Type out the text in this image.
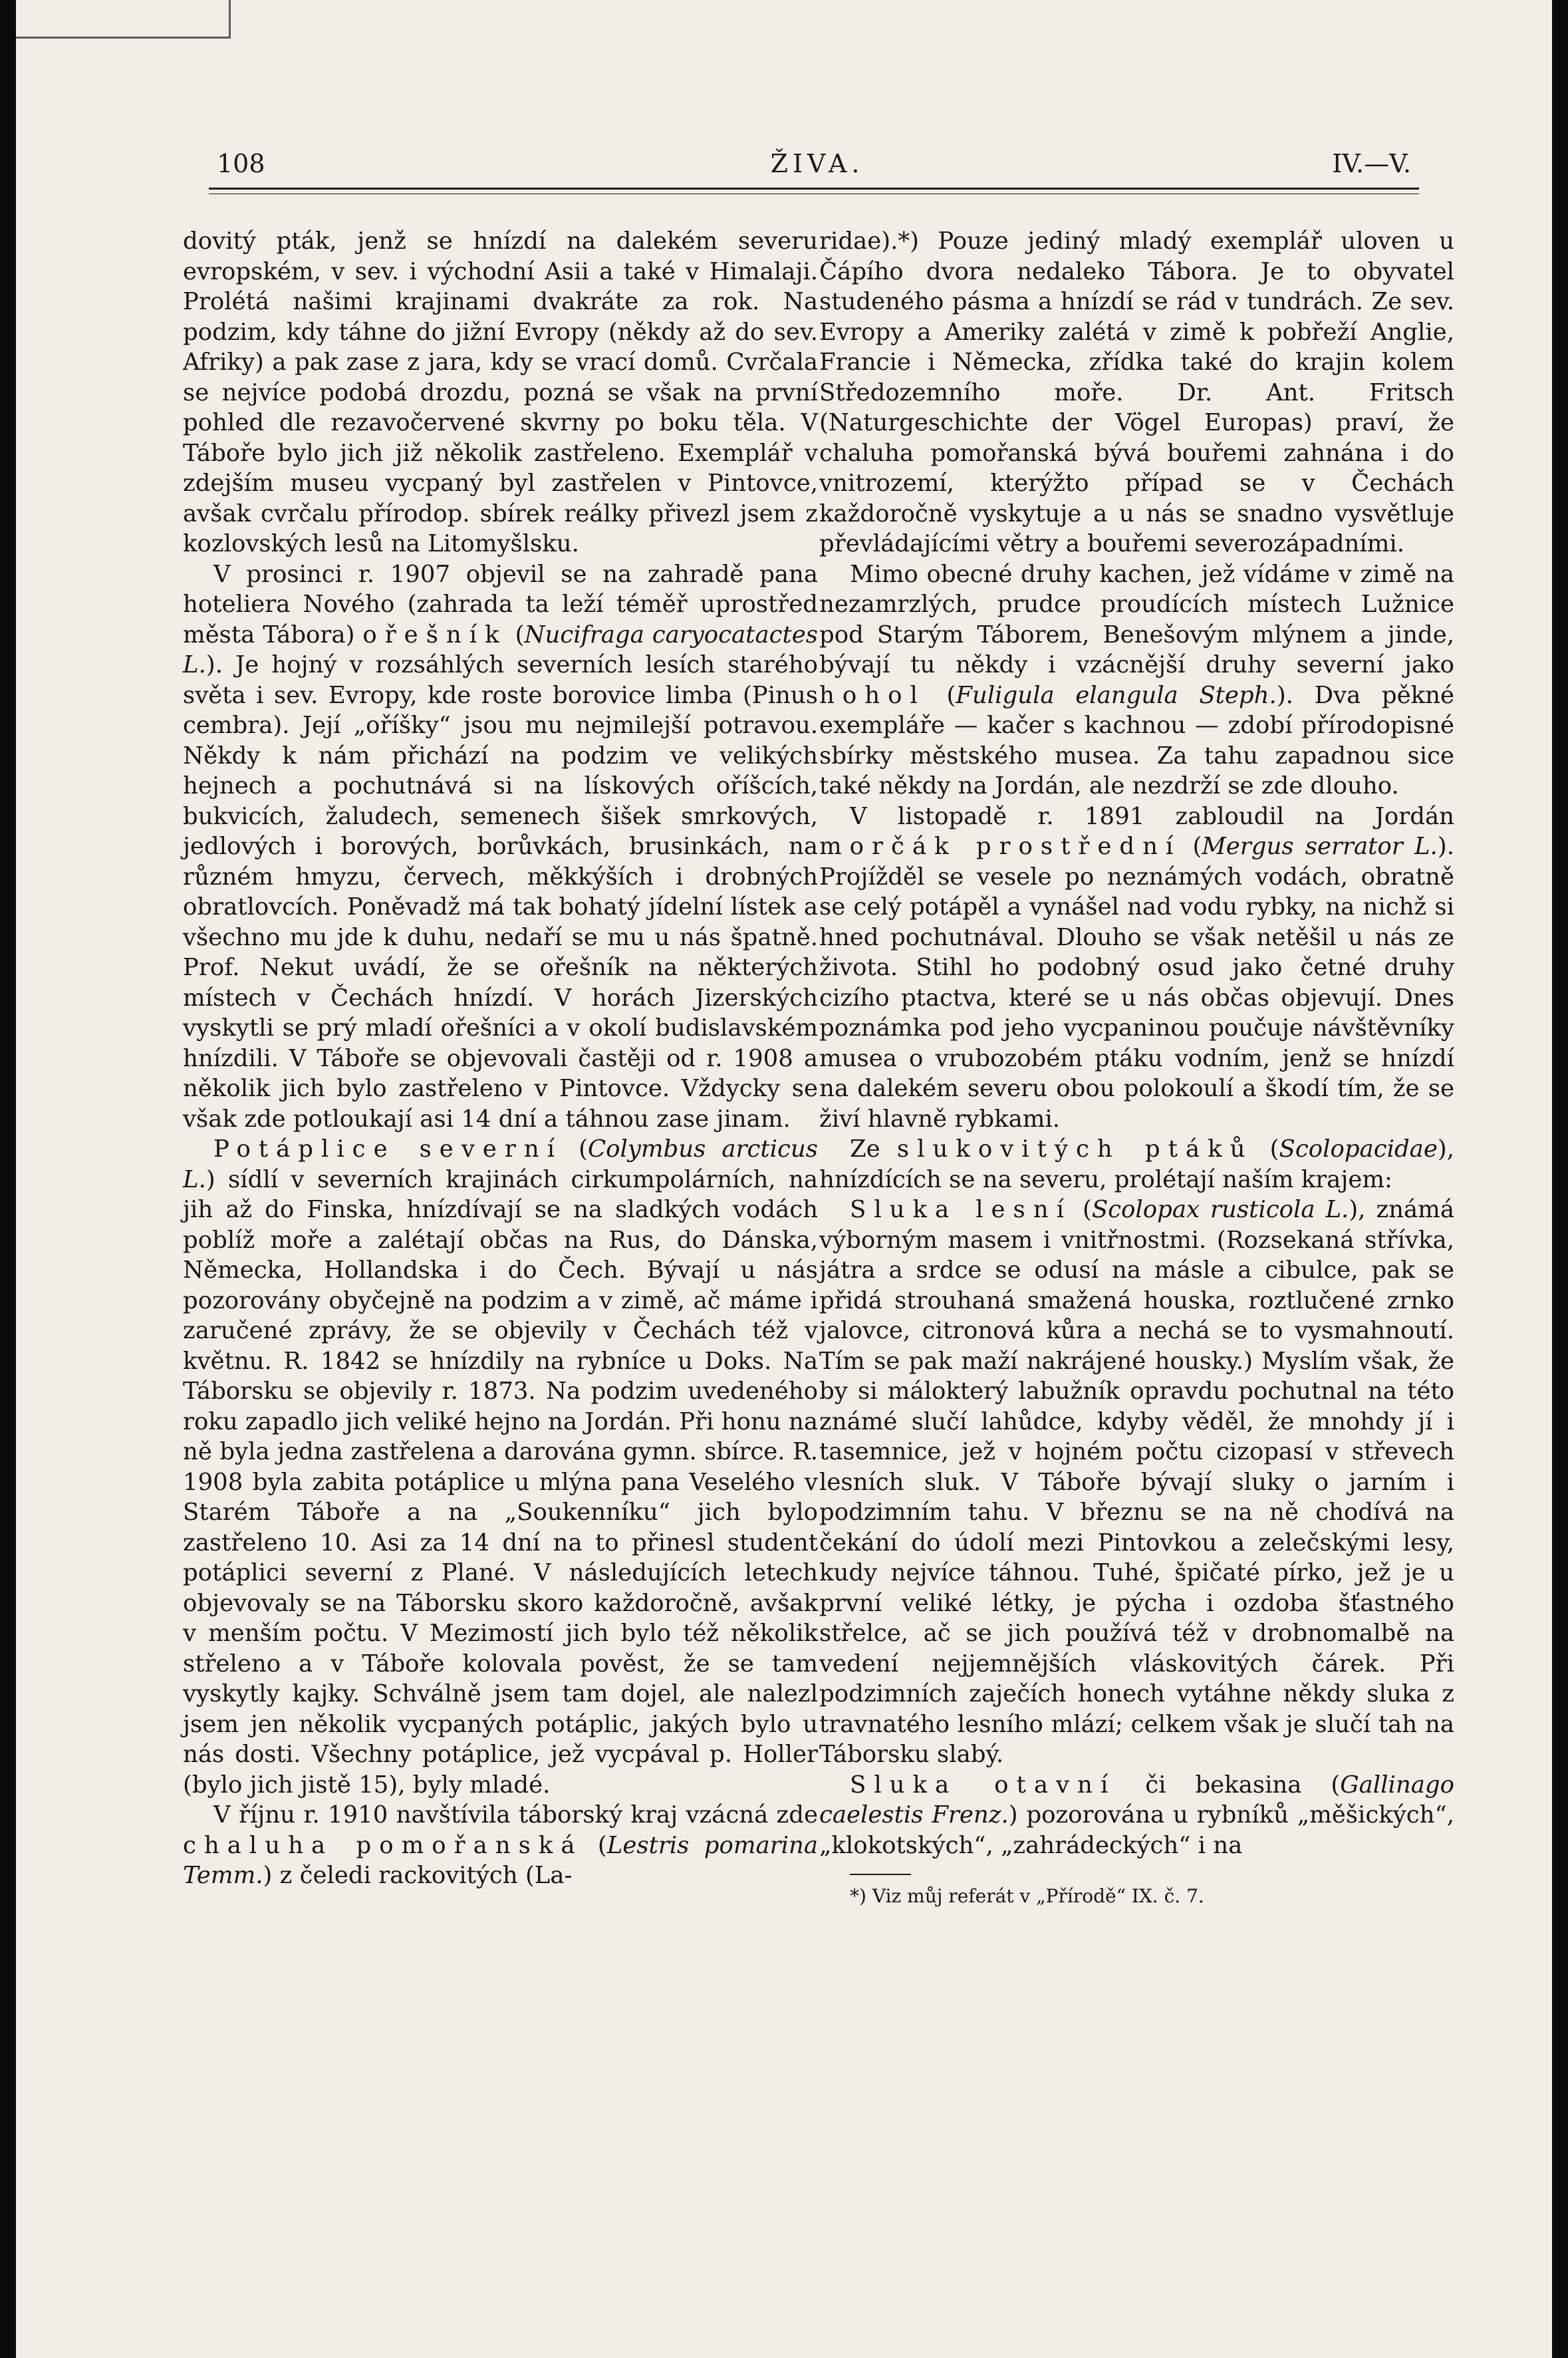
108	ŽIVA.	IV.—V.

dovitý pták, jenž se hnízdí na dalekém severu evropském, v sev. i východní Asii a také v Himalaji. Prolétá našimi krajinami dvakráte za rok. Na podzim, kdy táhne do jižní Evropy (někdy až do sev. Afriky) a pak zase z jara, kdy se vrací domů. Cvrčala se nejvíce podobá drozdu, pozná se však na první pohled dle rezavočervené skvrny po boku těla. V Táboře bylo jich již několik zastřeleno. Exemplář v zdejším museu vycpaný byl zastřelen v Pintovce, avšak cvrčalu přírodop. sbírek reálky přivezl jsem z kozlovských lesů na Litomyšlsku.

V prosinci r. 1907 objevil se na zahradě pana hoteliera Nového (zahrada ta leží téměř uprostřed města Tábora) ořešník (Nucifraga caryocatactes L.). Je hojný v rozsáhlých severních lesích starého světa i sev. Evropy, kde roste borovice limba (Pinus cembra). Její „oříšky“ jsou mu nejmilejší potravou. Někdy k nám přichází na podzim ve velikých hejnech a pochutnává si na lískových oříšcích, bukvicích, žaludech, semenech šišek smrkových, jedlových i borových, borůvkách, brusinkách, na různém hmyzu, červech, měkkýších i drobných obratlovcích. Poněvadž má tak bohatý jídelní lístek a všechno mu jde k duhu, nedaří se mu u nás špatně. Prof. Nekut uvádí, že se ořešník na některých místech v Čechách hnízdí. V horách Jizerských vyskytli se prý mladí ořešníci a v okolí budislavském hnízdili. V Táboře se objevovali častěji od r. 1908 a několik jich bylo zastřeleno v Pintovce. Vždycky se však zde potloukají asi 14 dní a táhnou zase jinam.

Potáplice severní (Colymbus arcticus L.) sídlí v severních krajinách cirkumpolárních, na jih až do Finska, hnízdívají se na sladkých vodách poblíž moře a zalétají občas na Rus, do Dánska, Německa, Hollandska i do Čech. Bývají u nás pozorovány obyčejně na podzim a v zimě, ač máme i zaručené zprávy, že se objevily v Čechách též v květnu. R. 1842 se hnízdily na rybníce u Doks. Na Táborsku se objevily r. 1873. Na podzim uvedeného roku zapadlo jich veliké hejno na Jordán. Při honu na ně byla jedna zastřelena a darována gymn. sbírce. R. 1908 byla zabita potáplice u mlýna pana Veselého v Starém Táboře a na „Soukenníku“ jich bylo zastřeleno 10. Asi za 14 dní na to přinesl student potáplici severní z Plané. V následujících letech objevovaly se na Táborsku skoro každoročně, avšak v menším počtu. V Mezimostí jich bylo též několik střeleno a v Táboře kolovala pověst, že se tam vyskytly kajky. Schválně jsem tam dojel, ale nalezl jsem jen několik vycpaných potáplic, jakých bylo u nás dosti. Všechny potáplice, jež vycpával p. Holler (bylo jich jistě 15), byly mladé.

V říjnu r. 1910 navštívila táborský kraj vzácná zde chaluha pomořanská (Lestris pomarina Temm.) z čeledi rackovitých (La-

ridae).*) Pouze jediný mladý exemplář uloven u Čápího dvora nedaleko Tábora. Je to obyvatel studeného pásma a hnízdí se rád v tundrách. Ze sev. Evropy a Ameriky zalétá v zimě k pobřeží Anglie, Francie i Německa, zřídka také do krajin kolem Středozemního moře. Dr. Ant. Fritsch (Naturgeschichte der Vögel Europas) praví, že chaluha pomořanská bývá bouřemi zahnána i do vnitrozemí, kterýžto případ se v Čechách každoročně vyskytuje a u nás se snadno vysvětluje převládajícími větry a bouřemi severozápadními.

Mimo obecné druhy kachen, jež vídáme v zimě na nezamrzlých, prudce proudících místech Lužnice pod Starým Táborem, Benešovým mlýnem a jinde, bývají tu někdy i vzácnější druhy severní jako hohol (Fuligula elangula Steph.). Dva pěkné exempláře — kačer s kachnou — zdobí přírodopisné sbírky městského musea. Za tahu zapadnou sice také někdy na Jordán, ale nezdrží se zde dlouho.

V listopadě r. 1891 zabloudil na Jordán morčák prostřední (Mergus serrator L.). Projížděl se vesele po neznámých vodách, obratně se celý potápěl a vynášel nad vodu rybky, na nichž si hned pochutnával. Dlouho se však netěšil u nás ze života. Stihl ho podobný osud jako četné druhy cizího ptactva, které se u nás občas objevují. Dnes poznámka pod jeho vycpaninou poučuje návštěvníky musea o vrubozobém ptáku vodním, jenž se hnízdí na dalekém severu obou polokoulí a škodí tím, že se živí hlavně rybkami.

Ze slukovitých ptáků (Scolopacidae), hnízdících se na severu, prolétají naším krajem:

Sluka lesní (Scolopax rusticola L.), známá výborným masem i vnitřnostmi. (Rozsekaná střívka, játra a srdce se odusí na másle a cibulce, pak se přidá strouhaná smažená houska, roztlučené zrnko jalovce, citronová kůra a nechá se to vysmahnoutí. Tím se pak maží nakrájené housky.) Myslím však, že by si málokterý labužník opravdu pochutnal na této známé slučí lahůdce, kdyby věděl, že mnohdy jí i tasemnice, jež v hojném počtu cizopasí v střevech lesních sluk. V Táboře bývají sluky o jarním i podzimním tahu. V březnu se na ně chodívá na čekání do údolí mezi Pintovkou a zelečskými lesy, kudy nejvíce táhnou. Tuhé, špičaté pírko, jež je u první veliké létky, je pýcha i ozdoba šťastného střelce, ač se jich používá též v drobnomalbě na vedení nejjemnějších vláskovitých čárek. Při podzimních zaječích honech vytáhne někdy sluka z travnatého lesního mlází; celkem však je slučí tah na Táborsku slabý.

Sluka otavní či bekasina (Gallinago caelestis Frenz.) pozorována u rybníků „měšických“, „klokotských“, „zahrádeckých“ i na

*) Viz můj referát v „Přírodě“ IX. č. 7.
